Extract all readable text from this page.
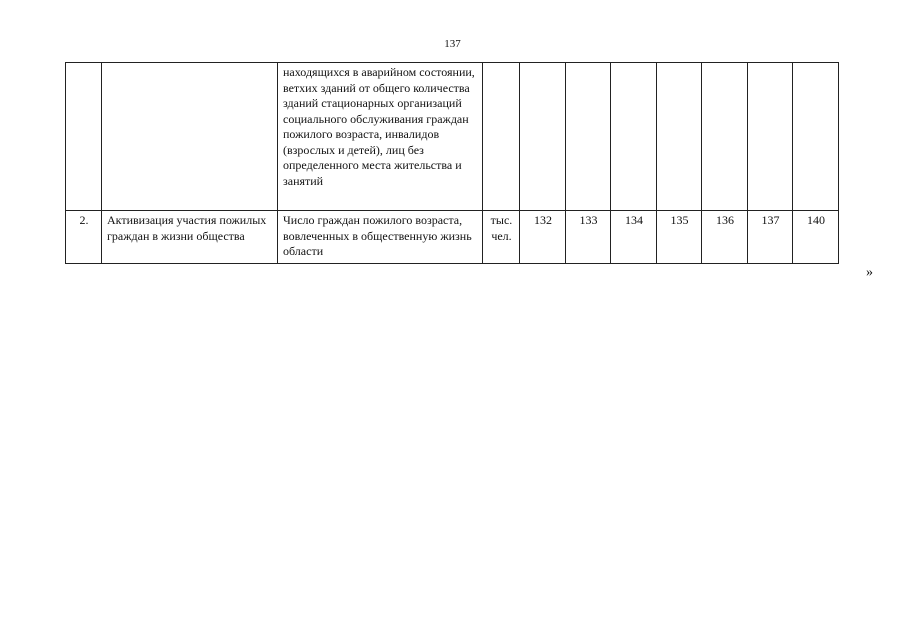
137
		находящихся в аварийном состоянии, ветхих зданий от общего количества зданий стационарных организаций социального обслуживания граждан пожилого возраста, инвалидов (взрослых и детей), лиц без определенного места жительства и занятий								
2.	Активизация участия пожилых граждан в жизни общества	Число граждан пожилого возраста, вовлеченных в общественную жизнь области	тыс. чел.	132	133	134	135	136	137	140
»
